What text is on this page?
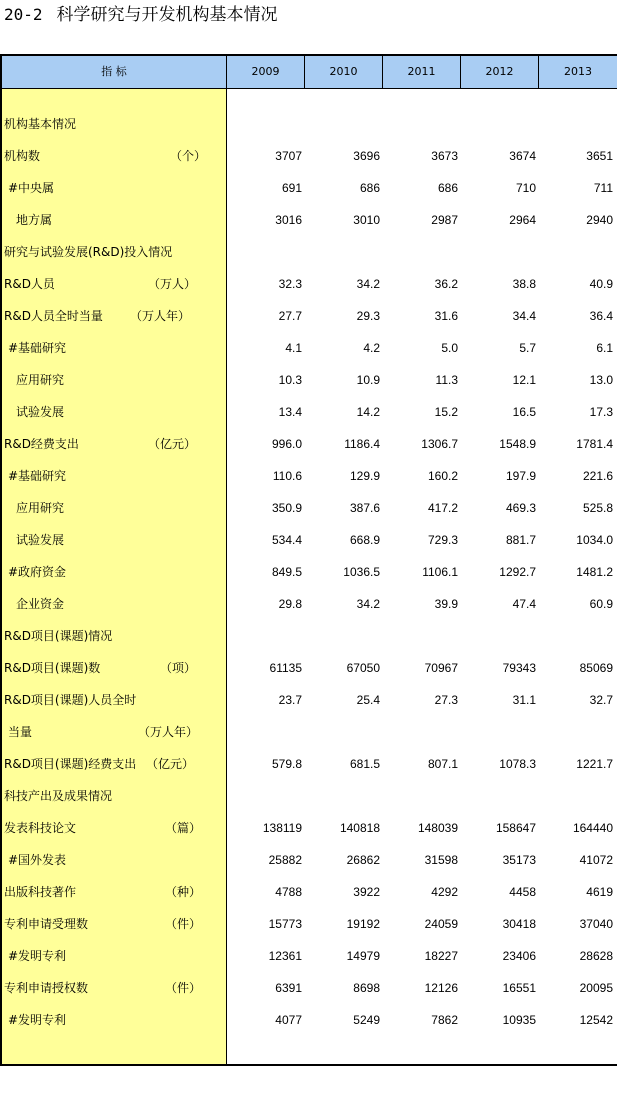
20-2 科学研究与开发机构基本情况
指 标	2009	2010	2011	2012	2013
机构基本情况
机构数	（个）	3707	3696	3673	3674	3651
#中央属	691	686	686	710	711
地方属	3016	3010	2987	2964	2940
研究与试验发展(R&D)投入情况
R&D人员	（万人）	32.3	34.2	36.2	38.8	40.9
R&D人员全时当量 （万人年）	27.7	29.3	31.6	34.4	36.4
#基础研究	4.1	4.2	5.0	5.7	6.1
应用研究	10.3	10.9	11.3	12.1	13.0
试验发展	13.4	14.2	15.2	16.5	17.3
R&D经费支出	（亿元）	996.0	1186.4	1306.7	1548.9	1781.4
#基础研究	110.6	129.9	160.2	197.9	221.6
应用研究	350.9	387.6	417.2	469.3	525.8
试验发展	534.4	668.9	729.3	881.7	1034.0
#政府资金	849.5	1036.5	1106.1	1292.7	1481.2
企业资金	29.8	34.2	39.9	47.4	60.9
R&D项目(课题)情况
R&D项目(课题)数	（项）	61135	67050	70967	79343	85069
R&D项目(课题)人员全时	23.7	25.4	27.3	31.1	32.7
当量	（万人年）
R&D项目(课题)经费支出 （亿元）	579.8	681.5	807.1	1078.3	1221.7
科技产出及成果情况
发表科技论文	（篇）	138119	140818	148039	158647	164440
#国外发表	25882	26862	31598	35173	41072
出版科技著作	（种）	4788	3922	4292	4458	4619
专利申请受理数	（件）	15773	19192	24059	30418	37040
#发明专利	12361	14979	18227	23406	28628
专利申请授权数	（件）	6391	8698	12126	16551	20095
#发明专利	4077	5249	7862	10935	12542
